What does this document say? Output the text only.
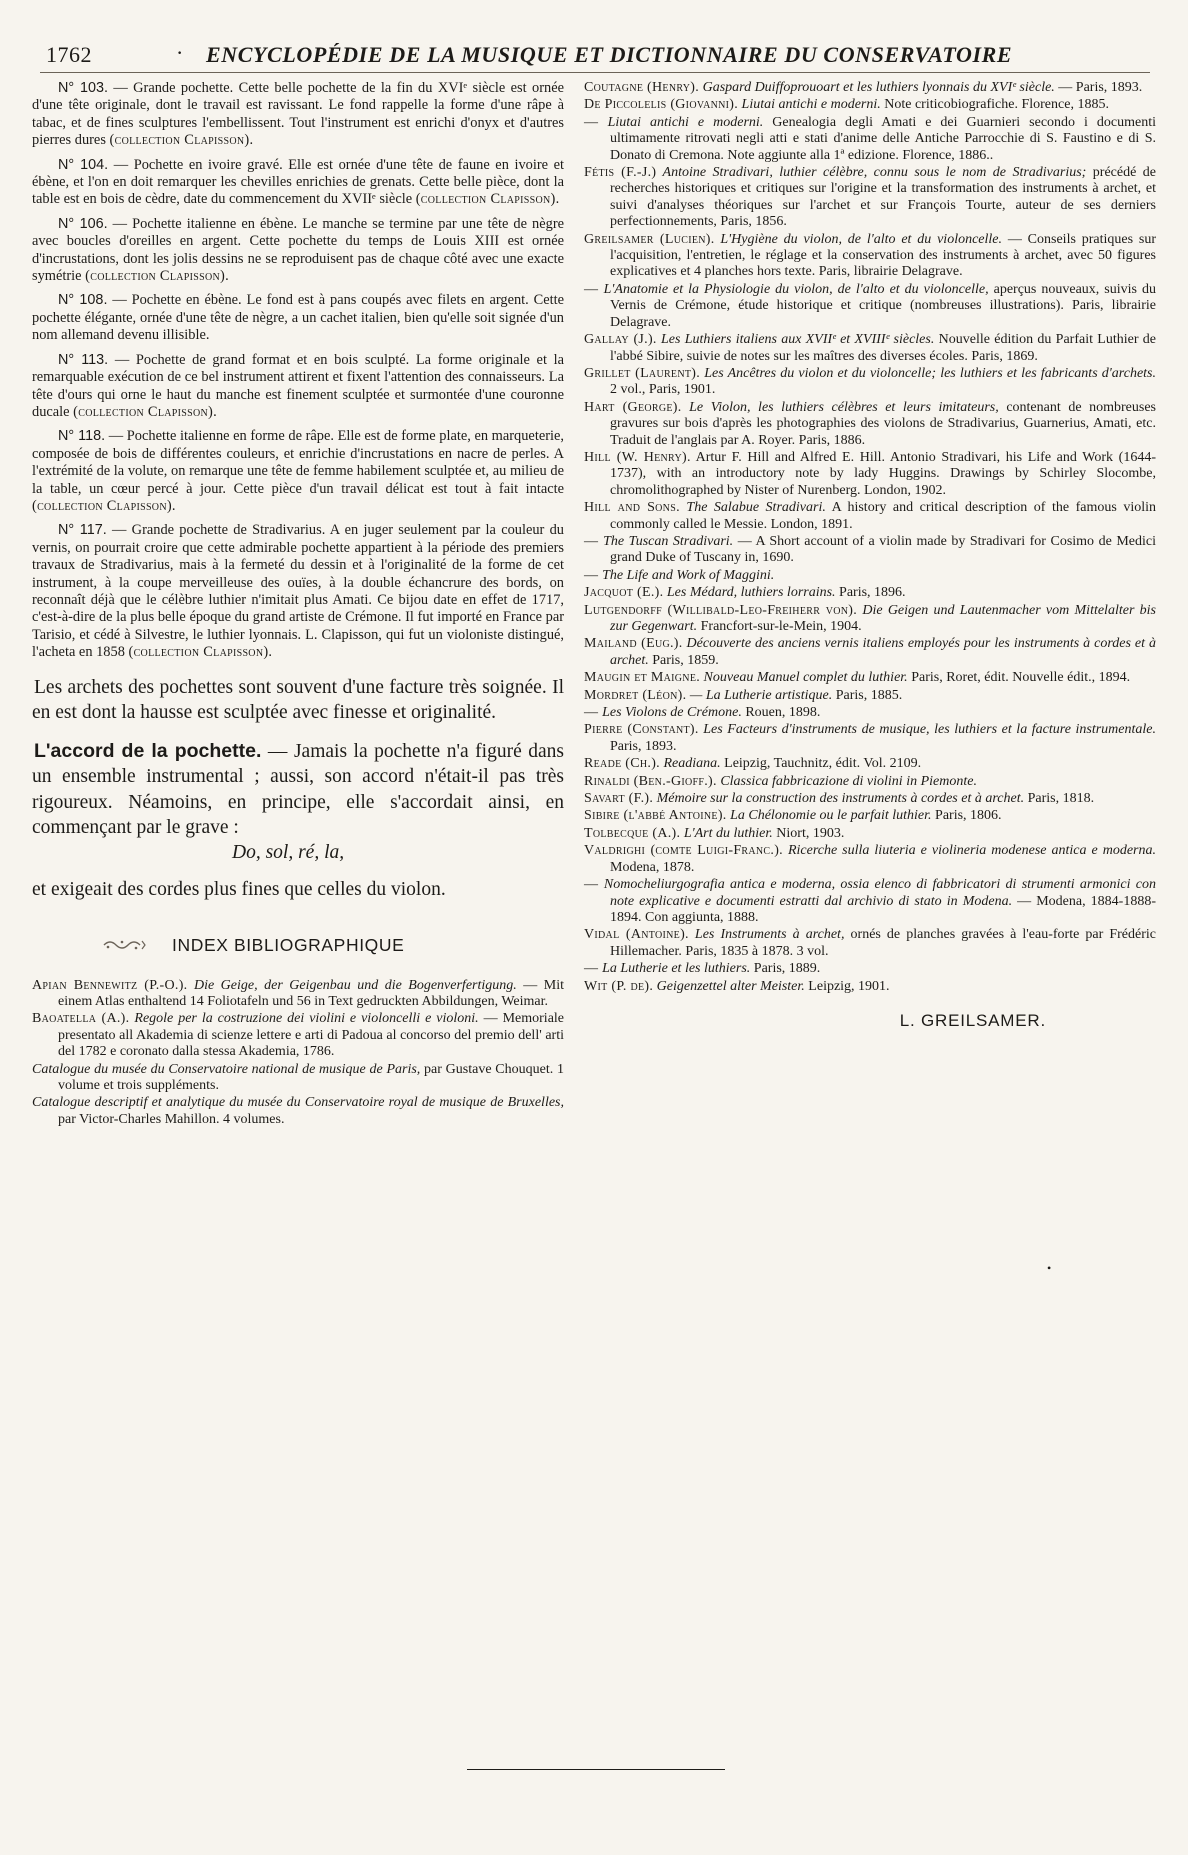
1762	· ENCYCLOPÉDIE DE LA MUSIQUE ET DICTIONNAIRE DU CONSERVATOIRE

N° 103. — Grande pochette. Cette belle pochette de la fin du XVIᵉ siècle est ornée d'une tête originale, dont le travail est ravissant. Le fond rappelle la forme d'une râpe à tabac, et de fines sculptures l'embellissent. Tout l'instrument est enrichi d'onyx et d'autres pierres dures (collection Clapisson).

N° 104. — Pochette en ivoire gravé. Elle est ornée d'une tête de faune en ivoire et ébène, et l'on en doit remarquer les chevilles enrichies de grenats. Cette belle pièce, dont la table est en bois de cèdre, date du commencement du XVIIᵉ siècle (collection Clapisson).

N° 106. — Pochette italienne en ébène. Le manche se termine par une tête de nègre avec boucles d'oreilles en argent. Cette pochette du temps de Louis XIII est ornée d'incrustations, dont les jolis dessins ne se reproduisent pas de chaque côté avec une exacte symétrie (collection Clapisson).

N° 108. — Pochette en ébène. Le fond est à pans coupés avec filets en argent. Cette pochette élégante, ornée d'une tête de nègre, a un cachet italien, bien qu'elle soit signée d'un nom allemand devenu illisible.

N° 113. — Pochette de grand format et en bois sculpté. La forme originale et la remarquable exécution de ce bel instrument attirent et fixent l'attention des connaisseurs. La tête d'ours qui orne le haut du manche est finement sculptée et surmontée d'une couronne ducale (collection Clapisson).

N° 118. — Pochette italienne en forme de râpe. Elle est de forme plate, en marqueterie, composée de bois de différentes couleurs, et enrichie d'incrustations en nacre de perles. A l'extrémité de la volute, on remarque une tête de femme habilement sculptée et, au milieu de la table, un cœur percé à jour. Cette pièce d'un travail délicat est tout à fait intacte (collection Clapisson).

N° 117. — Grande pochette de Stradivarius. A en juger seulement par la couleur du vernis, on pourrait croire que cette admirable pochette appartient à la période des premiers travaux de Stradivarius, mais à la fermeté du dessin et à l'originalité de la forme de cet instrument, à la coupe merveilleuse des ouïes, à la double échancrure des bords, on reconnaît déjà que le célèbre luthier n'imitait plus Amati. Ce bijou date en effet de 1717, c'est-à-dire de la plus belle époque du grand artiste de Crémone. Il fut importé en France par Tarisio, et cédé à Silvestre, le luthier lyonnais. L. Clapisson, qui fut un violoniste distingué, l'acheta en 1858 (collection Clapisson).

Les archets des pochettes sont souvent d'une facture très soignée. Il en est dont la hausse est sculptée avec finesse et originalité.

L'accord de la pochette. — Jamais la pochette n'a figuré dans un ensemble instrumental ; aussi, son accord n'était-il pas très rigoureux. Néamoins, en principe, elle s'accordait ainsi, en commençant par le grave :

Do, sol, ré, la,

et exigeait des cordes plus fines que celles du violon.

INDEX BIBLIOGRAPHIQUE

Apian Bennewitz (P.-O.). Die Geige, der Geigenbau und die Bogenverfertigung. — Mit einem Atlas enthaltend 14 Foliotafeln und 56 in Text gedruckten Abbildungen, Weimar.

Baoatella (A.). Regole per la costruzione dei violini e violoncelli e violoni. — Memoriale presentato all Akademia di scienze lettere e arti di Padoua al concorso del premio dell' arti del 1782 e coronato dalla stessa Akademia, 1786.

Catalogue du musée du Conservatoire national de musique de Paris, par Gustave Chouquet. 1 volume et trois suppléments.

Catalogue descriptif et analytique du musée du Conservatoire royal de musique de Bruxelles, par Victor-Charles Mahillon. 4 volumes.

Coutagne (Henry). Gaspard Duiffoprouoart et les luthiers lyonnais du XVIᵉ siècle. — Paris, 1893.

De Piccolelis (Giovanni). Liutai antichi e moderni. Note criticobiografiche. Florence, 1885.

— Liutai antichi e moderni. Genealogia degli Amati e dei Guarnieri secondo i documenti ultimamente ritrovati negli atti e stati d'anime delle Antiche Parrocchie di S. Faustino e di S. Donato di Cremona. Note aggiunte alla 1ª edizione. Florence, 1886..

Fétis (F.-J.) Antoine Stradivari, luthier célèbre, connu sous le nom de Stradivarius; précédé de recherches historiques et critiques sur l'origine et la transformation des instruments à archet, et suivi d'analyses théoriques sur l'archet et sur François Tourte, auteur de ses derniers perfectionnements, Paris, 1856.

Greilsamer (Lucien). L'Hygiène du violon, de l'alto et du violoncelle. — Conseils pratiques sur l'acquisition, l'entretien, le réglage et la conservation des instruments à archet, avec 50 figures explicatives et 4 planches hors texte. Paris, librairie Delagrave.

— L'Anatomie et la Physiologie du violon, de l'alto et du violoncelle, aperçus nouveaux, suivis du Vernis de Crémone, étude historique et critique (nombreuses illustrations). Paris, librairie Delagrave.

Gallay (J.). Les Luthiers italiens aux XVIIᵉ et XVIIIᵉ siècles. Nouvelle édition du Parfait Luthier de l'abbé Sibire, suivie de notes sur les maîtres des diverses écoles. Paris, 1869.

Grillet (Laurent). Les Ancêtres du violon et du violoncelle; les luthiers et les fabricants d'archets. 2 vol., Paris, 1901.

Hart (George). Le Violon, les luthiers célèbres et leurs imitateurs, contenant de nombreuses gravures sur bois d'après les photographies des violons de Stradivarius, Guarnerius, Amati, etc. Traduit de l'anglais par A. Royer. Paris, 1886.

Hill (W. Henry). Artur F. Hill and Alfred E. Hill. Antonio Stradivari, his Life and Work (1644-1737), with an introductory note by lady Huggins. Drawings by Schirley Slocombe, chromolithographed by Nister of Nurenberg. London, 1902.

Hill and Sons. The Salabue Stradivari. A history and critical description of the famous violin commonly called le Messie. London, 1891.

— The Tuscan Stradivari. — A Short account of a violin made by Stradivari for Cosimo de Medici grand Duke of Tuscany in, 1690.

— The Life and Work of Maggini.

Jacquot (E.). Les Médard, luthiers lorrains. Paris, 1896.

Lutgendorff (Willibald-Leo-Freiherr von). Die Geigen und Lautenmacher vom Mittelalter bis zur Gegenwart. Francfort-sur-le-Mein, 1904.

Mailand (Eug.). Découverte des anciens vernis italiens employés pour les instruments à cordes et à archet. Paris, 1859.

Maugin et Maigne. Nouveau Manuel complet du luthier. Paris, Roret, édit. Nouvelle édit., 1894.

Mordret (Léon). — La Lutherie artistique. Paris, 1885.

— Les Violons de Crémone. Rouen, 1898.

Pierre (Constant). Les Facteurs d'instruments de musique, les luthiers et la facture instrumentale. Paris, 1893.

Reade (Ch.). Readiana. Leipzig, Tauchnitz, édit. Vol. 2109.

Rinaldi (Ben.-Gioff.). Classica fabbricazione di violini in Piemonte.

Savart (F.). Mémoire sur la construction des instruments à cordes et à archet. Paris, 1818.

Sibire (l'abbé Antoine). La Chélonomie ou le parfait luthier. Paris, 1806.

Tolbecque (A.). L'Art du luthier. Niort, 1903.

Valdrighi (comte Luigi-Franc.). Ricerche sulla liuteria e violineria modenese antica e moderna. Modena, 1878.

— Nomocheliurgografia antica e moderna, ossia elenco di fabbricatori di strumenti armonici con note explicative e documenti estratti dal archivio di stato in Modena. — Modena, 1884-1888-1894. Con aggiunta, 1888.

Vidal (Antoine). Les Instruments à archet, ornés de planches gravées à l'eau-forte par Frédéric Hillemacher. Paris, 1835 à 1878. 3 vol.

— La Lutherie et les luthiers. Paris, 1889.

Wit (P. de). Geigenzettel alter Meister. Leipzig, 1901.

L. GREILSAMER.
•
